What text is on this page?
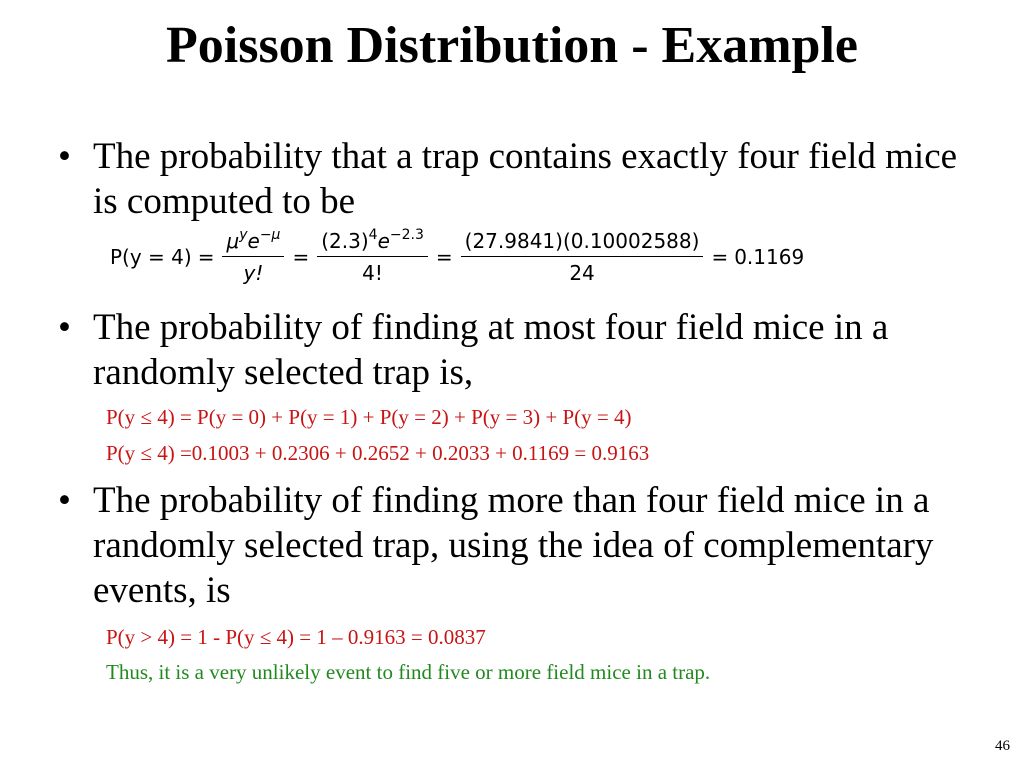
Poisson Distribution - Example
• The probability that a trap contains exactly four field mice is computed to be
$P(y = 4) = \frac{\mu^ye^{-\mu}}{y!} = \frac{(2.3)^4e^{-2.3}}{4!} = \frac{(27.9841)(0.10002588)}{24} = 0.1169$
• The probability of finding at most four field mice in a randomly selected trap is,
P(y ≤ 4) = P(y = 0) + P(y = 1) + P(y = 2) + P(y = 3) + P(y = 4)
P(y ≤ 4) =0.1003 + 0.2306 + 0.2652 + 0.2033 + 0.1169 = 0.9163
• The probability of finding more than four field mice in a randomly selected trap, using the idea of complementary events, is
P(y > 4) = 1 - P(y ≤ 4) = 1 – 0.9163 = 0.0837
Thus, it is a very unlikely event to find five or more field mice in a trap.
46
